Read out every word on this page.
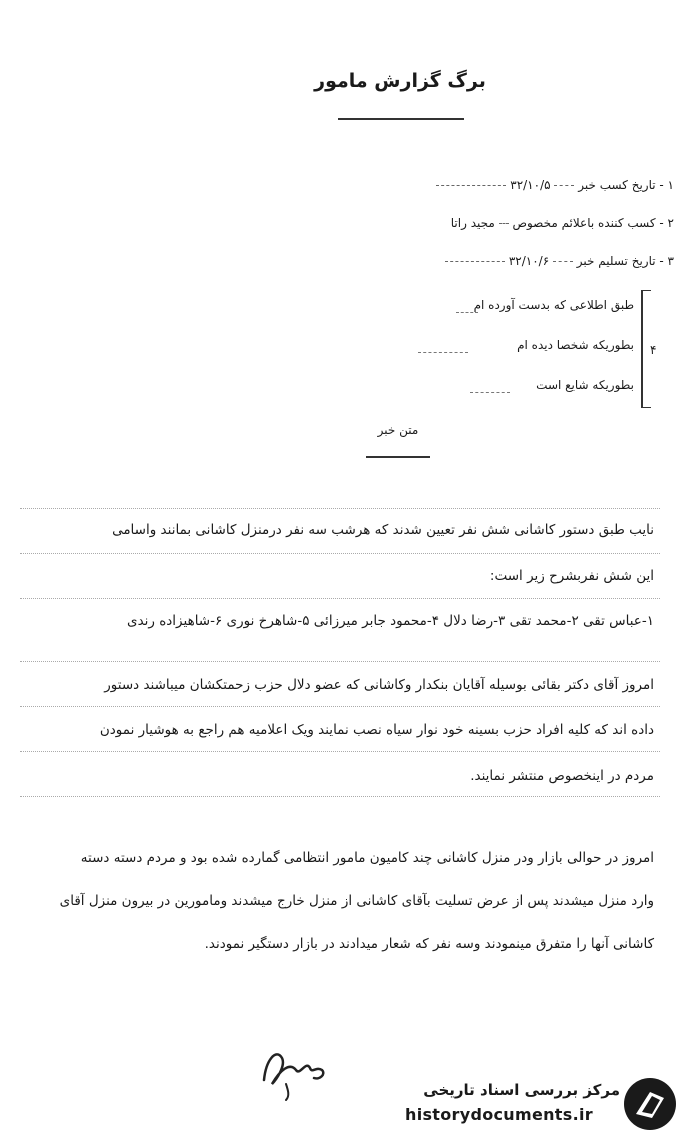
برگ گزارش مامور
۱ - تاریخ کسب خبر  ۳۲/۱۰/۵
۲ - کسب کننده باعلائم مخصوص  مجید راتا
۳ - تاریخ تسلیم خبر  ۳۲/۱۰/۶
۴
طبق اطلاعی که بدست آورده ام
بطوریکه شخصا دیده ام
بطوریکه شایع است
متن خبر
نایب طبق دستور کاشانی شش نفر تعیین شدند که هرشب سه نفر درمنزل کاشانی بمانند واسامی
این شش نفربشرح زیر است:
۱-عباس تقی ۲-محمد تقی ۳-رضا دلال ۴-محمود جابر میرزائی ۵-شاهرخ نوری ۶-شاهیزاده رندی
امروز آقای دکتر بقائی بوسیله آقایان بنکدار وکاشانی که عضو دلال حزب زحمتکشان میباشند دستور
داده اند که کلیه افراد حزب بسینه خود نوار سیاه نصب نمایند ویک اعلامیه هم راجع به هوشیار نمودن
مردم در اینخصوص منتشر نمایند.
امروز در حوالی بازار ودر منزل کاشانی چند کامیون مامور انتظامی گمارده شده بود و مردم دسته دسته
وارد منزل میشدند پس از عرض تسلیت بآقای کاشانی از منزل خارج میشدند ومامورین در بیرون منزل آقای
کاشانی آنها را متفرق مینمودند وسه نفر که شعار میدادند در بازار دستگیر نمودند.
مرکز بررسی اسناد تاریخی
historydocuments.ir
